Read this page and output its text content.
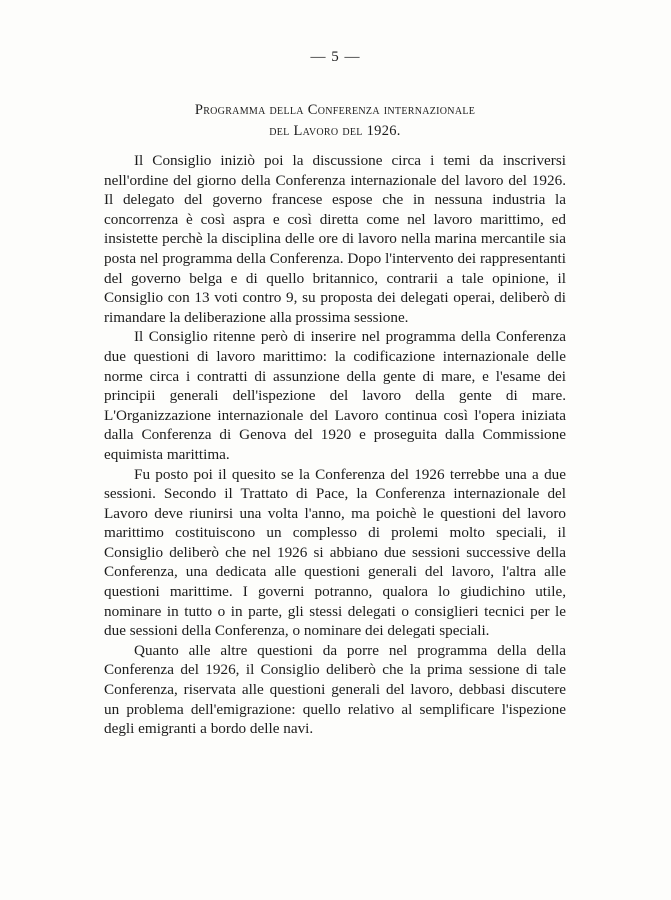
— 5 —
Programma della Conferenza internazionale
del Lavoro del 1926.

Il Consiglio iniziò poi la discussione circa i temi da inscriversi nell'ordine del giorno della Conferenza internazionale del lavoro del 1926. Il delegato del governo francese espose che in nessuna industria la concorrenza è così aspra e così diretta come nel lavoro marittimo, ed insistette perchè la disciplina delle ore di lavoro nella marina mercantile sia posta nel programma della Conferenza. Dopo l'intervento dei rappresentanti del governo belga e di quello britannico, contrarii a tale opinione, il Consiglio con 13 voti contro 9, su proposta dei delegati operai, deliberò di rimandare la deliberazione alla prossima sessione.

Il Consiglio ritenne però di inserire nel programma della Conferenza due questioni di lavoro marittimo: la codificazione internazionale delle norme circa i contratti di assunzione della gente di mare, e l'esame dei principii generali dell'ispezione del lavoro della gente di mare. L'Organizzazione internazionale del Lavoro continua così l'opera iniziata dalla Conferenza di Genova del 1920 e proseguita dalla Commissione equimista marittima.

Fu posto poi il quesito se la Conferenza del 1926 terrebbe una a due sessioni. Secondo il Trattato di Pace, la Conferenza internazionale del Lavoro deve riunirsi una volta l'anno, ma poichè le questioni del lavoro marittimo costituiscono un complesso di prolemi molto speciali, il Consiglio deliberò che nel 1926 si abbiano due sessioni successive della Conferenza, una dedicata alle questioni generali del lavoro, l'altra alle questioni marittime. I governi potranno, qualora lo giudichino utile, nominare in tutto o in parte, gli stessi delegati o consiglieri tecnici per le due sessioni della Conferenza, o nominare dei delegati speciali.

Quanto alle altre questioni da porre nel programma della della Conferenza del 1926, il Consiglio deliberò che la prima sessione di tale Conferenza, riservata alle questioni generali del lavoro, debbasi discutere un problema dell'emigrazione: quello relativo al semplificare l'ispezione degli emigranti a bordo delle navi.
